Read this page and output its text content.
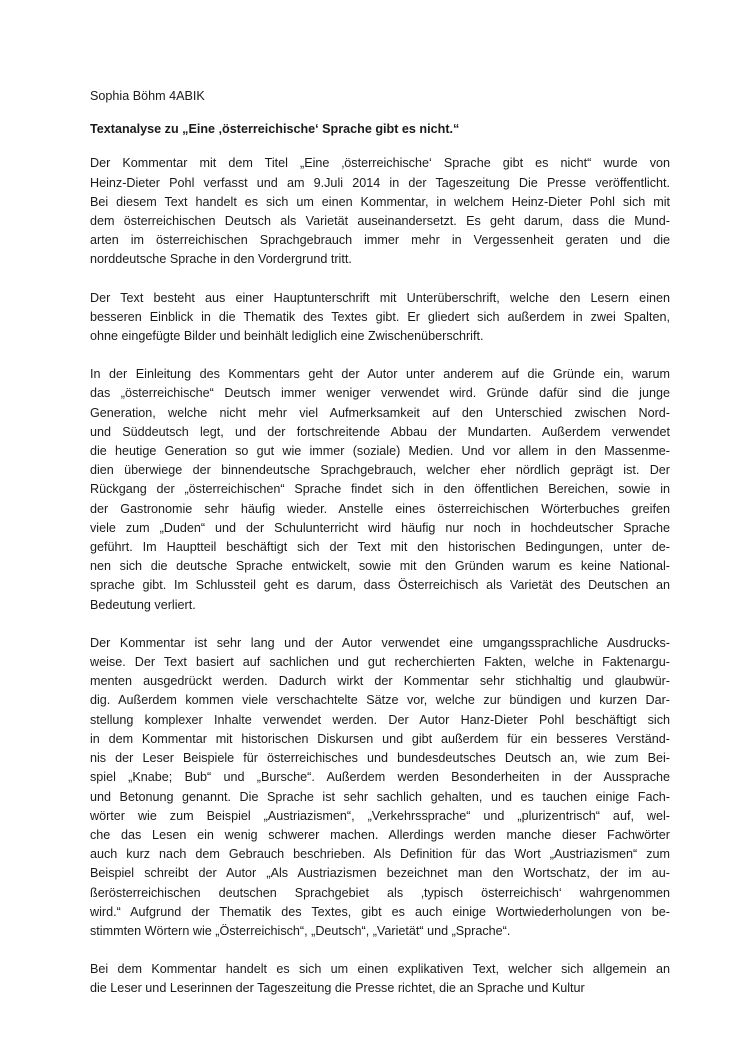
Sophia Böhm 4ABIK
Textanalyse zu „Eine ‚österreichische‘ Sprache gibt es nicht.“
Der Kommentar mit dem Titel „Eine ‚österreichische‘ Sprache gibt es nicht“ wurde von
Heinz-Dieter Pohl verfasst und am 9.Juli 2014 in der Tageszeitung Die Presse veröffentlicht.
Bei diesem Text handelt es sich um einen Kommentar, in welchem Heinz-Dieter Pohl sich mit
dem österreichischen Deutsch als Varietät auseinandersetzt. Es geht darum, dass die Mund-
arten im österreichischen Sprachgebrauch immer mehr in Vergessenheit geraten und die
norddeutsche Sprache in den Vordergrund tritt.
Der Text besteht aus einer Hauptunterschrift mit Unterüberschrift, welche den Lesern einen
besseren Einblick in die Thematik des Textes gibt. Er gliedert sich außerdem in zwei Spalten,
ohne eingefügte Bilder und beinhält lediglich eine Zwischenüberschrift.
In der Einleitung des Kommentars geht der Autor unter anderem auf die Gründe ein, warum
das „österreichische“ Deutsch immer weniger verwendet wird. Gründe dafür sind die junge
Generation, welche nicht mehr viel Aufmerksamkeit auf den Unterschied zwischen Nord-
und Süddeutsch legt, und der fortschreitende Abbau der Mundarten. Außerdem verwendet
die heutige Generation so gut wie immer (soziale) Medien. Und vor allem in den Massenme-
dien überwiege der binnendeutsche Sprachgebrauch, welcher eher nördlich geprägt ist. Der
Rückgang der „österreichischen“ Sprache findet sich in den öffentlichen Bereichen, sowie in
der Gastronomie sehr häufig wieder. Anstelle eines österreichischen Wörterbuches greifen
viele zum „Duden“ und der Schulunterricht wird häufig nur noch in hochdeutscher Sprache
geführt. Im Hauptteil beschäftigt sich der Text mit den historischen Bedingungen, unter de-
nen sich die deutsche Sprache entwickelt, sowie mit den Gründen warum es keine National-
sprache gibt. Im Schlussteil geht es darum, dass Österreichisch als Varietät des Deutschen an
Bedeutung verliert.
Der Kommentar ist sehr lang und der Autor verwendet eine umgangssprachliche Ausdrucks-
weise. Der Text basiert auf sachlichen und gut recherchierten Fakten, welche in Faktenargu-
menten ausgedrückt werden. Dadurch wirkt der Kommentar sehr stichhaltig und glaubwür-
dig. Außerdem kommen viele verschachtelte Sätze vor, welche zur bündigen und kurzen Dar-
stellung komplexer Inhalte verwendet werden. Der Autor Hanz-Dieter Pohl beschäftigt sich
in dem Kommentar mit historischen Diskursen und gibt außerdem für ein besseres Verständ-
nis der Leser Beispiele für österreichisches und bundesdeutsches Deutsch an, wie zum Bei-
spiel „Knabe; Bub“ und „Bursche“. Außerdem werden Besonderheiten in der Aussprache
und Betonung genannt. Die Sprache ist sehr sachlich gehalten, und es tauchen einige Fach-
wörter wie zum Beispiel „Austriazismen“, „Verkehrssprache“ und „plurizentrisch“ auf, wel-
che das Lesen ein wenig schwerer machen. Allerdings werden manche dieser Fachwörter
auch kurz nach dem Gebrauch beschrieben. Als Definition für das Wort „Austriazismen“ zum
Beispiel schreibt der Autor „Als Austriazismen bezeichnet man den Wortschatz, der im au-
ßerösterreichischen deutschen Sprachgebiet als ‚typisch österreichisch‘ wahrgenommen
wird.“ Aufgrund der Thematik des Textes, gibt es auch einige Wortwiederholungen von be-
stimmten Wörtern wie „Österreichisch“, „Deutsch“, „Varietät“ und „Sprache“.
Bei dem Kommentar handelt es sich um einen explikativen Text, welcher sich allgemein an
die Leser und Leserinnen der Tageszeitung die Presse richtet, die an Sprache und Kultur
